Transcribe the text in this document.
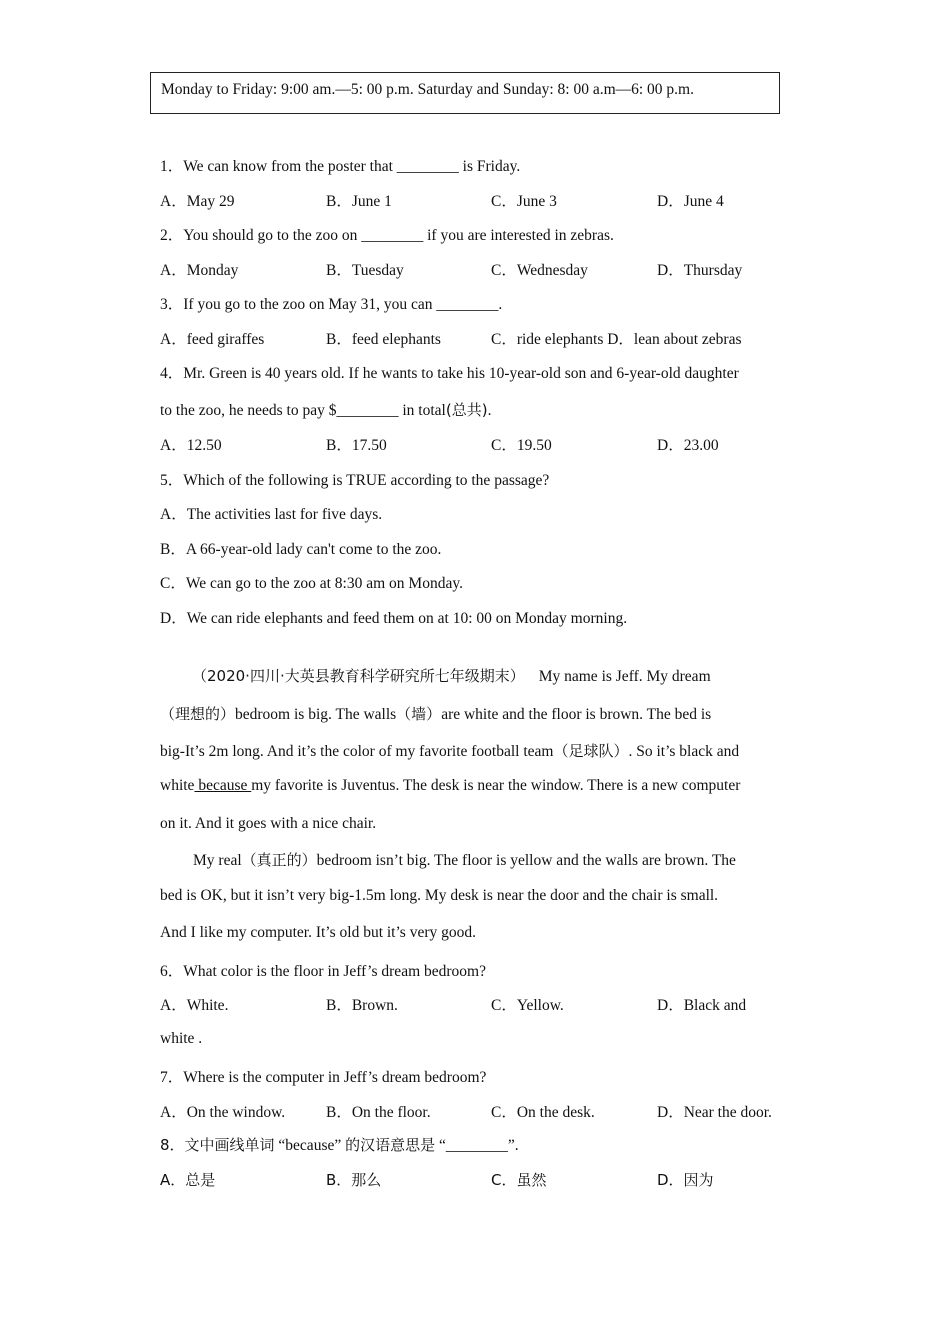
Monday to Friday: 9:00 am.—5: 00 p.m. Saturday and Sunday: 8: 00 a.m—6: 00 p.m.
1．We can know from the poster that ________ is Friday.
A．May 29	B．June 1	C．June 3	D．June 4
2．You should go to the zoo on ________ if you are interested in zebras.
A．Monday	B．Tuesday	C．Wednesday	D．Thursday
3．If you go to the zoo on May 31, you can ________.
A．feed giraffes	B．feed elephants	C．ride elephants D．lean about zebras
4．Mr. Green is 40 years old. If he wants to take his 10-year-old son and 6-year-old daughter
to the zoo, he needs to pay $________ in total(总共).
A．12.50	B．17.50	C．19.50	D．23.00
5．Which of the following is TRUE according to the passage?
A．The activities last for five days.
B．A 66-year-old lady can't come to the zoo.
C．We can go to the zoo at 8:30 am on Monday.
D．We can ride elephants and feed them on at 10: 00 on Monday morning.
（2020·四川·大英县教育科学研究所七年级期末） My name is Jeff. My dream
（理想的）bedroom is big. The walls（墙）are white and the floor is brown. The bed is
big-It’s 2m long. And it’s the color of my favorite football team（足球队）. So it’s black and
white because my favorite is Juventus. The desk is near the window. There is a new computer
on it. And it goes with a nice chair.
My real（真正的）bedroom isn’t big. The floor is yellow and the walls are brown. The
bed is OK, but it isn’t very big-1.5m long. My desk is near the door and the chair is small.
And I like my computer. It’s old but it’s very good.
6．What color is the floor in Jeff’s dream bedroom?
A．White.	B．Brown.	C．Yellow.	D．Black and
white .
7．Where is the computer in Jeff’s dream bedroom?
A．On the window.	B．On the floor.	C．On the desk.	D．Near the door.
8．文中画线单词 “because” 的汉语意思是 “________”.
A．总是	B．那么	C．虽然	D．因为
